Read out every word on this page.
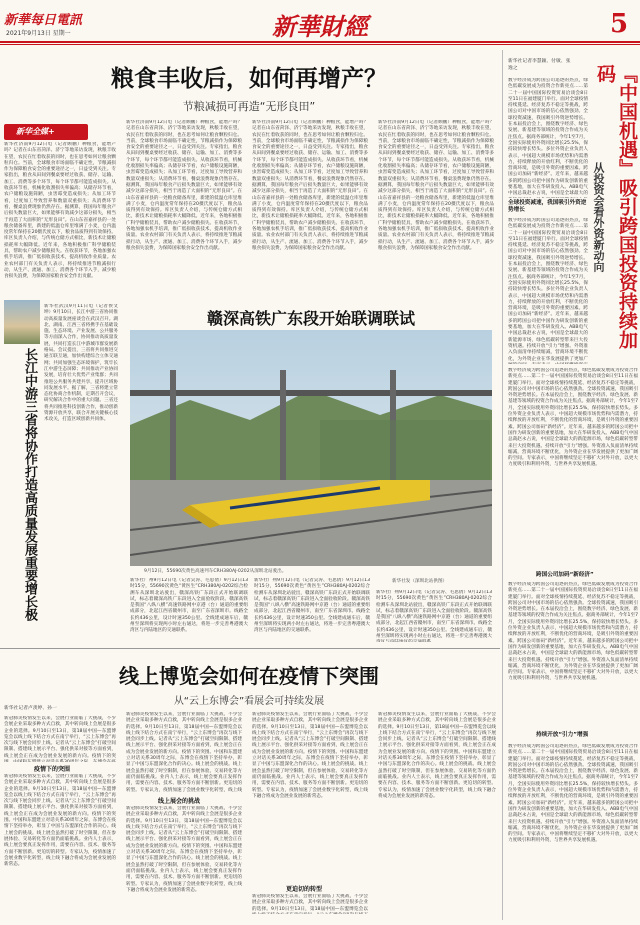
新華每日電訊
2021年9月13日 星期一	新華財經	5
粮食丰收后，如何再增产？
节粮减损可再造“无形良田”
新华全媒+
新华社济南9月12日电（记者顾鹏）种粮食，能增产吗？记者在山东省菏泽、济宁等地采访发现，秋粮丰收在望，农民在忙着收获的同时，也在思考如何让粮食颗粒归仓。当前，全球粮食市场面临不确定性，节粮减损作为保障粮食安全的重要途径之一，日益受到关注。专家指出，粮食从田间到餐桌要经过收获、储存、运输、加工、消费等多个环节，每个环节都可能造成损失。从收获环节看，机械化收割损失率偏高；从储存环节看，农户储粮设施简陋，虫害霉变造成损失；从加工环节看，过度加工导致营养和数量双重损失；从消费环节看，餐桌浪费现象仍然存在。据测算，我国每年粮食产后损失数量巨大，如果能够有效减少这部分损失，相当于再造了大面积的“无形良田”。在山东省嘉祥县的一处粮食储备库里，新建的低温仓库里堆满了小麦，仓内温度常年保持在20摄氏度以下，粮食品质得到有效保持。库区负责人介绍，与传统仓储方式相比，新技术让储粮损耗率大幅降低。近年来，各地积极推广科学储粮装具，帮助农户减少储粮损失。在收获环节，各地加强农机手培训，推广低损收获技术，提高机收作业质量。农业农村部门有关负责人表示，将持续推进节粮减损行动，从生产、流通、加工、消费各个环节入手，减少粮食损失浪费，为保障国家粮食安全作出贡献。
新华社济南9月12日电（记者顾鹏）种粮食，能增产吗？记者在山东省菏泽、济宁等地采访发现，秋粮丰收在望，农民在忙着收获的同时，也在思考如何让粮食颗粒归仓。当前，全球粮食市场面临不确定性，节粮减损作为保障粮食安全的重要途径之一，日益受到关注。专家指出，粮食从田间到餐桌要经过收获、储存、运输、加工、消费等多个环节，每个环节都可能造成损失。从收获环节看，机械化收割损失率偏高；从储存环节看，农户储粮设施简陋，虫害霉变造成损失；从加工环节看，过度加工导致营养和数量双重损失；从消费环节看，餐桌浪费现象仍然存在。据测算，我国每年粮食产后损失数量巨大，如果能够有效减少这部分损失，相当于再造了大面积的“无形良田”。在山东省嘉祥县的一处粮食储备库里，新建的低温仓库里堆满了小麦，仓内温度常年保持在20摄氏度以下，粮食品质得到有效保持。库区负责人介绍，与传统仓储方式相比，新技术让储粮损耗率大幅降低。近年来，各地积极推广科学储粮装具，帮助农户减少储粮损失。在收获环节，各地加强农机手培训，推广低损收获技术，提高机收作业质量。农业农村部门有关负责人表示，将持续推进节粮减损行动，从生产、流通、加工、消费各个环节入手，减少粮食损失浪费，为保障国家粮食安全作出贡献。
新华社济南9月12日电（记者顾鹏）种粮食，能增产吗？记者在山东省菏泽、济宁等地采访发现，秋粮丰收在望，农民在忙着收获的同时，也在思考如何让粮食颗粒归仓。当前，全球粮食市场面临不确定性，节粮减损作为保障粮食安全的重要途径之一，日益受到关注。专家指出，粮食从田间到餐桌要经过收获、储存、运输、加工、消费等多个环节，每个环节都可能造成损失。从收获环节看，机械化收割损失率偏高；从储存环节看，农户储粮设施简陋，虫害霉变造成损失；从加工环节看，过度加工导致营养和数量双重损失；从消费环节看，餐桌浪费现象仍然存在。据测算，我国每年粮食产后损失数量巨大，如果能够有效减少这部分损失，相当于再造了大面积的“无形良田”。在山东省嘉祥县的一处粮食储备库里，新建的低温仓库里堆满了小麦，仓内温度常年保持在20摄氏度以下，粮食品质得到有效保持。库区负责人介绍，与传统仓储方式相比，新技术让储粮损耗率大幅降低。近年来，各地积极推广科学储粮装具，帮助农户减少储粮损失。在收获环节，各地加强农机手培训，推广低损收获技术，提高机收作业质量。农业农村部门有关负责人表示，将持续推进节粮减损行动，从生产、流通、加工、消费各个环节入手，减少粮食损失浪费，为保障国家粮食安全作出贡献。
新华社济南9月12日电（记者顾鹏）种粮食，能增产吗？记者在山东省菏泽、济宁等地采访发现，秋粮丰收在望，农民在忙着收获的同时，也在思考如何让粮食颗粒归仓。当前，全球粮食市场面临不确定性，节粮减损作为保障粮食安全的重要途径之一，日益受到关注。专家指出，粮食从田间到餐桌要经过收获、储存、运输、加工、消费等多个环节，每个环节都可能造成损失。从收获环节看，机械化收割损失率偏高；从储存环节看，农户储粮设施简陋，虫害霉变造成损失；从加工环节看，过度加工导致营养和数量双重损失；从消费环节看，餐桌浪费现象仍然存在。据测算，我国每年粮食产后损失数量巨大，如果能够有效减少这部分损失，相当于再造了大面积的“无形良田”。在山东省嘉祥县的一处粮食储备库里，新建的低温仓库里堆满了小麦，仓内温度常年保持在20摄氏度以下，粮食品质得到有效保持。库区负责人介绍，与传统仓储方式相比，新技术让储粮损耗率大幅降低。近年来，各地积极推广科学储粮装具，帮助农户减少储粮损失。在收获环节，各地加强农机手培训，推广低损收获技术，提高机收作业质量。农业农村部门有关负责人表示，将持续推进节粮减损行动，从生产、流通、加工、消费各个环节入手，减少粮食损失浪费，为保障国家粮食安全作出贡献。
新华社武汉9月11日电（记者侯文坤）9月10日，长江中游三省协同推动高质量发展座谈会在武汉召开。湖北、湖南、江西三省将携手在基础设施、生态环境、产业发展、公共服务等方面深入合作，协同推动高质量发展，共同打造长江中游城市群发展新格局。会议提出，三省将共同推进交通互联互通，加快构建综合立体交通网；共同加强生态环境保护，筑牢长江中游生态屏障；共同推动产业协同发展，培育壮大优势产业集群；共同推进公共服务共建共享，提升区域协同发展水平。据了解，三省将建立常态化协商合作机制，定期召开会议，研究解决合作中的重大问题。三省还将共同推进科技创新合作，推动创新资源开放共享，联合开展关键核心技术攻关，打造区域创新共同体。
长江中游三省将协作打造高质量发展重要增长极
赣深高铁广东段开始联调联试
9月12日，55690次黄色高速列车CRH380AJ-0202从深圳北站驶出。
新华社广州9月12日电（记者吴涛、毛思倩）9月12日13时15分，55690次黄色“黄医生”CRH380AJ-0202综合检测车从深圳北站驶出，赣深高铁广东段正式开始联调联试，标志着赣深高铁广东段进入全面验收阶段。赣深高铁是我国“八纵八横”高速铁路网中京港（台）通道的重要组成部分，北起江西省赣州市，南至广东省深圳市。线路全长约436公里，设计时速350公里。全线建成通车后，赣州至深圳将实现两小时左右通达，将进一步完善粤港澳大湾区与内陆地区的交通联系。
新华社广州9月12日电（记者吴涛、毛思倩）9月12日13时15分，55690次黄色“黄医生”CRH380AJ-0202综合检测车从深圳北站驶出，赣深高铁广东段正式开始联调联试，标志着赣深高铁广东段进入全面验收阶段。赣深高铁是我国“八纵八横”高速铁路网中京港（台）通道的重要组成部分，北起江西省赣州市，南至广东省深圳市。线路全长约436公里，设计时速350公里。全线建成通车后，赣州至深圳将实现两小时左右通达，将进一步完善粤港澳大湾区与内陆地区的交通联系。
新华社广州9月12日电（记者吴涛、毛思倩）9月12日13时15分，55690次黄色“黄医生”CRH380AJ-0202综合检测车从深圳北站驶出，赣深高铁广东段正式开始联调联试，标志着赣深高铁广东段进入全面验收阶段。赣深高铁是我国“八纵八横”高速铁路网中京港（台）通道的重要组成部分，北起江西省赣州市，南至广东省深圳市。线路全长约436公里，设计时速350公里。全线建成通车后，赣州至深圳将实现两小时左右通达，将进一步完善粤港澳大
新华社发（深圳北站供图）
线上博览会如何在疫情下突围
从“云上东博会”看展会可持续发展
新华社记者卢羡婷、孙一
新冠肺炎疫情发生以来，会展行业面临了大挑战，不少会展企业采取多种方式自救，其中转向线上会展是很多企业的选择。9月10日至13日，第18届中国—东盟博览会以线上线下结合方式在南宁举行，“云上东博会”再次与线下展会同步上线。记者从“云上东博会”打破空间限制、搭建线上展示平台、强化供采对接等方面看到，线上展会正在成为会展业发展的新方向。疫情下的突
疫情下的突围
新冠肺炎疫情发生以来，会展行业面临了大挑战，不少会展企业采取多种方式自救，其中转向线上会展是很多企业的选择。9月10日至13日，第18届中国—东盟博览会以线上线下结合方式在南宁举行，“云上东博会”再次与线下展会同步上线。记者从“云上东博会”打破空间限制、搭建线上展示平台、强化供采对接等方面看到，线上展会正在成为会展业发展的新方向。疫情下的突围。中国和东盟建立对话关系30周年之际，东博会在疫情下坚持举办，彰显了中国与东盟深化合作的决心。线上展会的挑战。线上展会虽然打破了时空限制，但在参展体验、交易转化等方面仍面临挑战。业内人士表示，线上展会要真正发挥作用，需要在内容、技术、服务等方面不断创新。更迫切的转型。专家认为，疫情加速了会展业数字化转型，线上线下融合将成为会展业发展的新常态。
新冠肺炎疫情发生以来，会展行业面临了大挑战，不少会展企业采取多种方式自救，其中转向线上会展是很多企业的选择。9月10日至13日，第18届中国—东盟博览会以线上线下结合方式在南宁举行，“云上东博会”再次与线下展会同步上线。记者从“云上东博会”打破空间限制、搭建线上展示平台、强化供采对接等方面看到，线上展会正在成为会展业发展的新方向。疫情下的突围。中国和东盟建立对话关系30周年之际，东博会在疫情下坚持举办，彰显了中国与东盟深化合作的决心。线上展会的挑战。线上展会虽然打破了时空限制，但在参展体验、交易转化等方面仍面临挑战。业内人士表示，线上展会要真正发挥作用，需要在内容、技术、服务等方面不断创新。更迫切的转型。专家认为，疫情加速了会展业数字化转型，线上线
线上展会的挑战
新冠肺炎疫情发生以来，会展行业面临了大挑战，不少会展企业采取多种方式自救，其中转向线上会展是很多企业的选择。9月10日至13日，第18届中国—东盟博览会以线上线下结合方式在南宁举行，“云上东博会”再次与线下展会同步上线。记者从“云上东博会”打破空间限制、搭建线上展示平台、强化供采对接等方面看到，线上展会正在成为会展业发展的新方向。疫情下的突围。中国和东盟建立对话关系30周年之际，东博会在疫情下坚持举办，彰显了中国与东盟深化合作的决心。线上展会的挑战。线上展会虽然打破了时空限制，但在参展体验、交易转化等方面仍面临挑战。业内人士表示，线上展会要真正发挥作用，需要在内容、技术、服务等方面不断创新。更迫切的转型。专家认为，疫情加速了会展业数字化转型，线上线下融合将成为会展业发展的新常态。
新冠肺炎疫情发生以来，会展行业面临了大挑战，不少会展企业采取多种方式自救，其中转向线上会展是很多企业的选择。9月10日至13日，第18届中国—东盟博览会以线上线下结合方式在南宁举行，“云上东博会”再次与线下展会同步上线。记者从“云上东博会”打破空间限制、搭建线上展示平台、强化供采对接等方面看到，线上展会正在成为会展业发展的新方向。疫情下的突围。中国和东盟建立对话关系30周年之际，东博会在疫情下坚持举办，彰显了中国与东盟深化合作的决心。线上展会的挑战。线上展会虽然打破了时空限制，但在参展体验、交易转化等方面仍面临挑战。业内人士表示，线上展会要真正发挥作用，需要在内容、技术、服务等方面不断创新。更迫切的转型。专家认为，疫情加速了会展业数字化转型，线上线下融合将成为会展业发展的新常态。
更迫切的转型
新冠肺炎疫情发生以来，会展行业面临了大挑战，不少会展企业采取多种方式自救，其中转向线上会展是很多企业的选择。9月10日至13日，第18届中国—东盟博览会以
新冠肺炎疫情发生以来，会展行业面临了大挑战，不少会展企业采取多种方式自救，其中转向线上会展是很多企业的选择。9月10日至13日，第18届中国—东盟博览会以线上线下结合方式在南宁举行，“云上东博会”再次与线下展会同步上线。记者从“云上东博会”打破空间限制、搭建线上展示平台、强化供采对接等方面看到，线上展会正在成为会展业发展的新方向。疫情下的突围。中国和东盟建立对话关系30周年之际，东博会在疫情下坚持举办，彰显了中国与东盟深化合作的决心。线上展会的挑战。线上展会虽然打破了时空限制，但在参展体验、交易转化等方面仍面临挑战。业内人士表示，线上展会要真正发挥作用，需要在内容、技术、服务等方面不断创新。更迫切的转型。专家认为，疫情加速了会展业数字化转型，线上线下融合将成为会展业发展的新常态。
新华社记者李慧颖、付敏、张逸之	『中国机遇』吸引跨国投资持续加码
从投资会看外资新动向
数字经济成为跨国公司追逐的热点，绿色低碳发展成为投资合作新亮点……第二十一届中国国际投资贸易洽谈会8日至11日在福建厦门举行。面对全球疫情持续蔓延、经济复苏不稳定等挑战，跨国公司对中国市场的信心依然强劲。全球投资减速，我国吸引外资逆势增长。在本届投洽会上，围绕数字经济、绿色发展、新基建等领域的投资合作成为关注焦点。据商务部统计，今年1至7月，全国实际使用外资同比增长25.5%，保持较快增长势头。多位外资企业负责人表示，中国超大规模市场优势和内需潜力，持续释放的开放红利，不断优化的营商环境，是吸引外资的重要因素。跨国公司加码“新经济”。近年来，越来越多的跨国公司把中国作为研发创新的重要基地，加大在华研发投入。ABB电气中国总裁赵永占说，中国是全球最大的
全球投资减速，我国吸引外资逆势增长
数字经济成为跨国公司追逐的热点，绿色低碳发展成为投资合作新亮点……第二十一届中国国际投资贸易洽谈会8日至11日在福建厦门举行。面对全球疫情持续蔓延、经济复苏不稳定等挑战，跨国公司对中国市场的信心依然强劲。全球投资减速，我国吸引外资逆势增长。在本届投洽会上，围绕数字经济、绿色发展、新基建等领域的投资合作成为关注焦点。据商务部统计，今年1至7月，全国实际使用外资同比增长25.5%，保持较快增长势头。多位外资企业负责人表示，中国超大规模市场优势和内需潜力，持续释放的开放红利，不断优化的营商环境，是吸引外资的重要因素。跨国公司加码“新经济”。近年来，越来越多的跨国公司把中国作为研发创新的重要基地，加大在华研发投入。ABB电气中国总裁赵永占说，中国是全球最大的新能源市场，绿色低碳转型带来巨大投资机遇。持续开放“引力”增强。外资准入负面清单持续缩减，营商环境不断优化，为外资企业在华发展提供了更加广
数字经济成为跨国公司追逐的热点，绿色低碳发展成为投资合作新亮点……第二十一届中国国际投资贸易洽谈会8日至11日在福建厦门举行。面对全球疫情持续蔓延、经济复苏不稳定等挑战，跨国公司对中国市场的信心依然强劲。全球投资减速，我国吸引外资逆势增长。在本届投洽会上，围绕数字经济、绿色发展、新基建等领域的投资合作成为关注焦点。据商务部统计，今年1至7月，全国实际使用外资同比增长25.5%，保持较快增长势头。多位外资企业负责人表示，中国超大规模市场优势和内需潜力，持续释放的开放红利，不断优化的营商环境，是吸引外资的重要因素。跨国公司加码“新经济”。近年来，越来越多的跨国公司把中国作为研发创新的重要基地，加大在华研发投入。ABB电气中国总裁赵永占说，中国是全球最大的新能源市场，绿色低碳转型带来巨大投资机遇。持续开放“引力”增强。外资准入负面清单持续缩减，营商环境不断优化，为外资企业在华发展提供了更加广阔的空间。专家表示，中国将继续坚定不移扩大对外开放，以更大力度吸引和利用外资，与世界共享发展机遇。
跨国公司加码“新经济”
数字经济成为跨国公司追逐的热点，绿色低碳发展成为投资合作新亮点……第二十一届中国国际投资贸易洽谈会8日至11日在福建厦门举行。面对全球疫情持续蔓延、经济复苏不稳定等挑战，跨国公司对中国市场的信心依然强劲。全球投资减速，我国吸引外资逆势增长。在本届投洽会上，围绕数字经济、绿色发展、新基建等领域的投资合作成为关注焦点。据商务部统计，今年1至7月，全国实际使用外资同比增长25.5%，保持较快增长势头。多位外资企业负责人表示，中国超大规模市场优势和内需潜力，持续释放的开放红利，不断优化的营商环境，是吸引外资的重要因素。跨国公司加码“新经济”。近年来，越来越多的跨国公司把中国作为研发创新的重要基地，加大在华研发投入。ABB电气中国总裁赵永占说，中国是全球最大的新能源市场，绿色低碳转型带来巨大投资机遇。持续开放“引力”增强。外资准入负面清单持续缩减，营商环境不断优化，为外资企业在华发展提供了更加广阔的空间。专家表示，中国将继续坚定不移扩大对外开放，以更大力度吸引和利用外资，与世界共享发展机遇。
持续开放“引力”增强
数字经济成为跨国公司追逐的热点，绿色低碳发展成为投资合作新亮点……第二十一届中国国际投资贸易洽谈会8日至11日在福建厦门举行。面对全球疫情持续蔓延、经济复苏不稳定等挑战，跨国公司对中国市场的信心依然强劲。全球投资减速，我国吸引外资逆势增长。在本届投洽会上，围绕数字经济、绿色发展、新基建等领域的投资合作成为关注焦点。据商务部统计，今年1至7月，全国实际使用外资同比增长25.5%，保持较快增长势头。多位外资企业负责人表示，中国超大规模市场优势和内需潜力，持续释放的开放红利，不断优化的营商环境，是吸引外资的重要因素。跨国公司加码“新经济”。近年来，越来越多的跨国公司把中国作为研发创新的重要基地，加大在华研发投入。ABB电气中国总裁赵永占说，中国是全球最大的新能源市场，绿色低碳转型带来巨大投资机遇。持续开放“引力”增强。外资准入负面清单持续缩减，营商环境不断优化，为外资企业在华发展提供了更加广阔的空间。专家表示，中国将继续坚定不移扩大对外开放，以更大力度吸引和利用外资，与世界共享发展机遇。
